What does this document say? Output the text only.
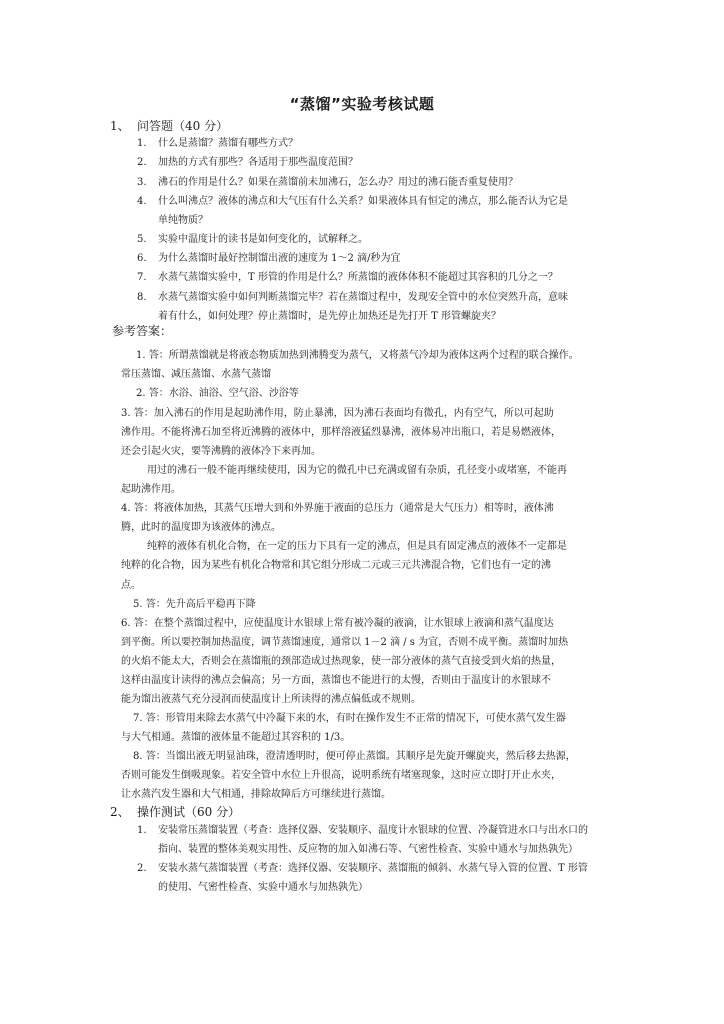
“蒸馏”实验考核试题
1、 问答题（40 分）
1. 什么是蒸馏？蒸馏有哪些方式？
2. 加热的方式有那些？各适用于那些温度范围？
3. 沸石的作用是什么？如果在蒸馏前未加沸石，怎么办？用过的沸石能否重复使用？
4. 什么叫沸点？液体的沸点和大气压有什么关系？如果液体具有恒定的沸点，那么能否认为它是
单纯物质？
5. 实验中温度计的读书是如何变化的，试解释之。
6. 为什么蒸馏时最好控制馏出液的速度为 1～2 滴/秒为宜
7. 水蒸气蒸馏实验中，T 形管的作用是什么？所蒸馏的液体体积不能超过其容积的几分之一？
8. 水蒸气蒸馏实验中如何判断蒸馏完毕？若在蒸馏过程中，发现安全管中的水位突然升高，意味
着有什么，如何处理？停止蒸馏时，是先停止加热还是先打开 T 形管螺旋夹？
参考答案：
1. 答：所谓蒸馏就是将液态物质加热到沸腾变为蒸气，又将蒸气冷却为液体这两个过程的联合操作。
常压蒸馏、减压蒸馏、水蒸气蒸馏
2. 答：水浴、油浴、空气浴、沙浴等
3. 答：加入沸石的作用是起助沸作用，防止暴沸，因为沸石表面均有微孔，内有空气，所以可起助
沸作用。不能将沸石加至将近沸腾的液体中，那样溶液猛烈暴沸，液体易冲出瓶口，若是易燃液体，
还会引起火灾，要等沸腾的液体冷下来再加。
用过的沸石一般不能再继续使用，因为它的微孔中已充满或留有杂质，孔径变小或堵塞，不能再
起助沸作用。
4. 答：将液体加热，其蒸气压增大到和外界施于液面的总压力（通常是大气压力）相等时，液体沸
腾，此时的温度即为该液体的沸点。
纯粹的液体有机化合物，在一定的压力下具有一定的沸点，但是具有固定沸点的液体不一定都是
纯粹的化合物，因为某些有机化合物常和其它组分形成二元或三元共沸混合物，它们也有一定的沸
点。
5. 答：先升高后平稳再下降
6. 答：在整个蒸馏过程中，应使温度计水银球上常有被冷凝的液滴，让水银球上液滴和蒸气温度达
到平衡。所以要控制加热温度，调节蒸馏速度，通常以 1－2 滴 / s 为宜，否则不成平衡。蒸馏时加热
的火焰不能太大，否则会在蒸馏瓶的颈部造成过热现象，使一部分液体的蒸气直接受到火焰的热量，
这样由温度计读得的沸点会偏高；另一方面，蒸馏也不能进行的太慢，否则由于温度计的水银球不
能为馏出液蒸气充分浸润而使温度计上所读得的沸点偏低或不规则。
7. 答：形管用来除去水蒸气中冷凝下来的水，有时在操作发生不正常的情况下，可使水蒸气发生器
与大气相通。蒸馏的液体量不能超过其容积的 1/3。
8. 答：当馏出液无明显油珠，澄清透明时，便可停止蒸馏。其顺序是先旋开螺旋夹，然后移去热源，
否则可能发生倒吸现象。若安全管中水位上升很高，说明系统有堵塞现象，这时应立即打开止水夹，
让水蒸汽发生器和大气相通，排除故障后方可继续进行蒸馏。
2、 操作测试（60 分）
1. 安装常压蒸馏装置（考查：选择仪器、安装顺序、温度计水银球的位置、冷凝管进水口与出水口的
指向、装置的整体美观实用性、反应物的加入如沸石等、气密性检查、实验中通水与加热孰先）
2. 安装水蒸气蒸馏装置（考查：选择仪器、安装顺序、蒸馏瓶的倾斜、水蒸气导入管的位置、T 形管
的使用、气密性检查、实验中通水与加热孰先）
